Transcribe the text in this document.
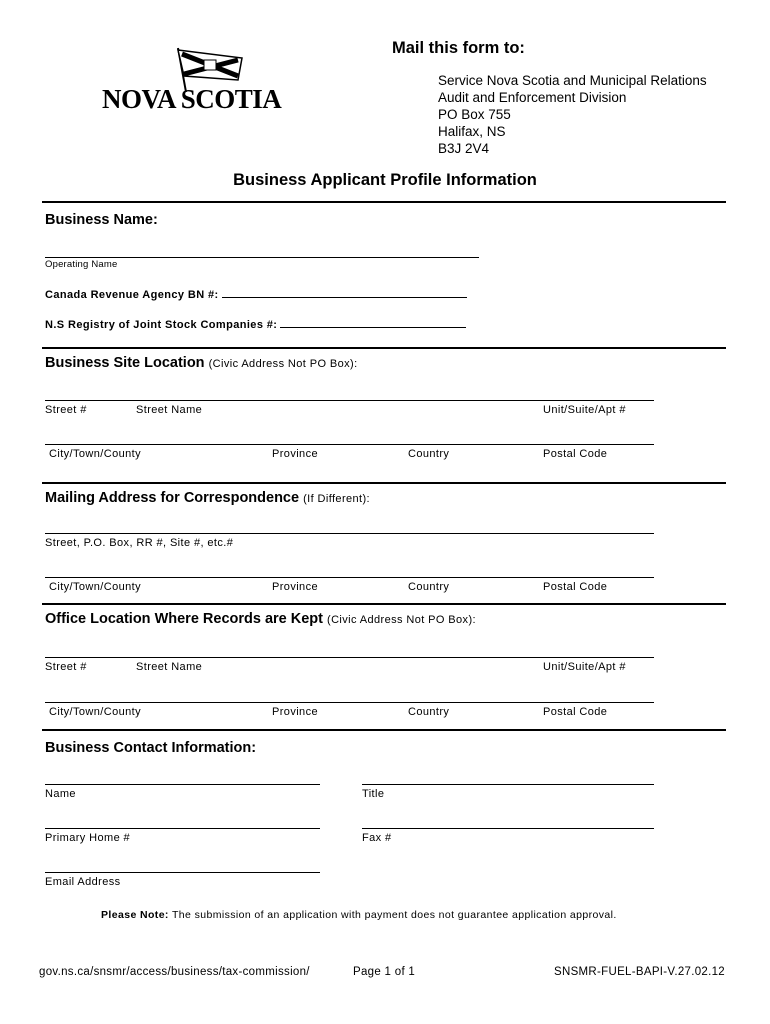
NOVA SCOTIA
Mail this form to:
Service Nova Scotia and Municipal Relations
Audit and Enforcement Division
PO Box 755
Halifax, NS
B3J 2V4
Business Applicant Profile Information
Business Name:
Operating Name
Canada Revenue Agency BN #:
N.S Registry of Joint Stock Companies #:
Business Site Location (Civic Address Not PO Box):
Street #	Street Name	Unit/Suite/Apt #
City/Town/County	Province	Country	Postal Code
Mailing Address for Correspondence (If Different):
Street, P.O. Box, RR #, Site #, etc.#
City/Town/County	Province	Country	Postal Code
Office Location Where Records are Kept (Civic Address Not PO Box):
Street #	Street Name	Unit/Suite/Apt #
City/Town/County	Province	Country	Postal Code
Business Contact Information:
Name	Title
Primary Home #	Fax #
Email Address
Please Note: The submission of an application with payment does not guarantee application approval.
gov.ns.ca/snsmr/access/business/tax-commission/	Page 1 of 1	SNSMR-FUEL-BAPI-V.27.02.12
